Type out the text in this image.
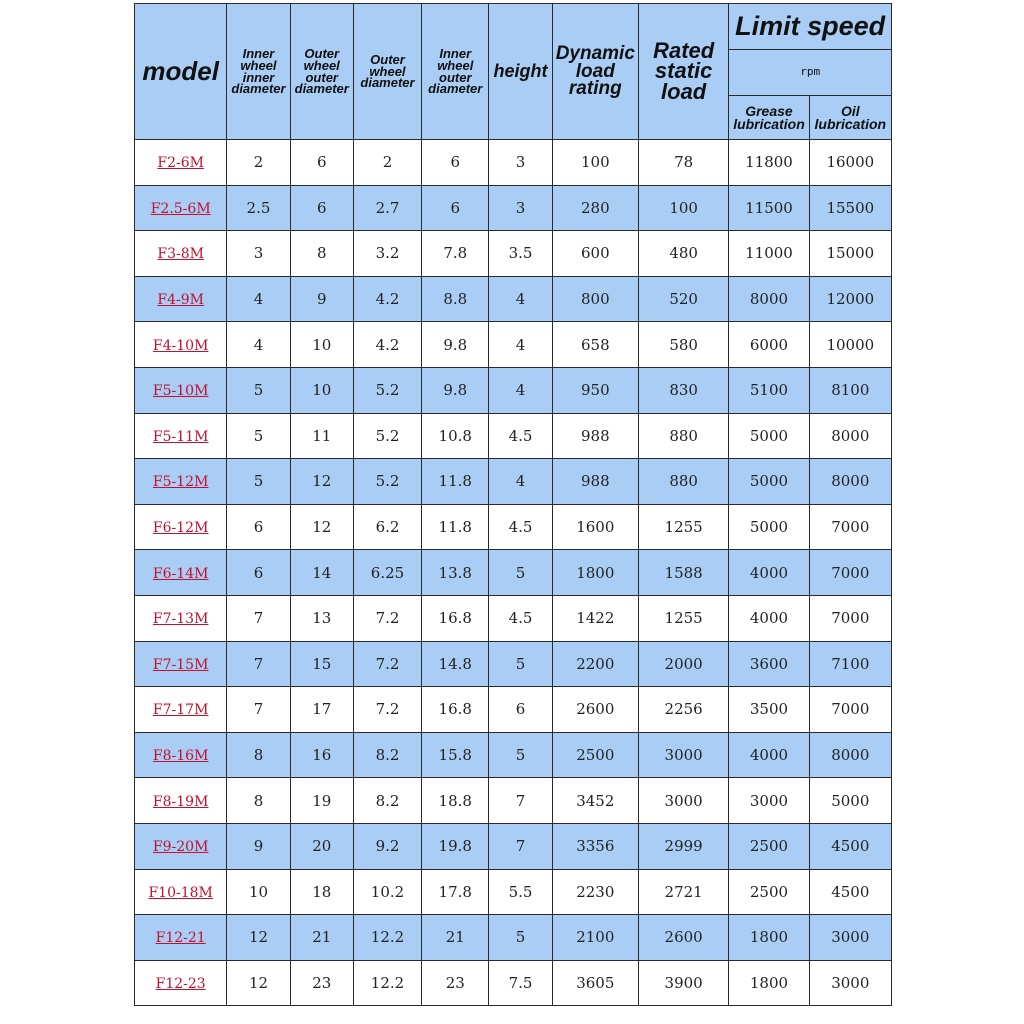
model	Inner wheel inner diameter	Outer wheel outer diameter	Outer wheel diameter	Inner wheel outer diameter	height	Dynamic load rating	Rated static load	Limit speed	
								rpm	
								Grease lubrication	Oil lubrication
F2-6M	2	6	2	6	3	100	78	11800	16000
F2.5-6M	2.5	6	2.7	6	3	280	100	11500	15500
F3-8M	3	8	3.2	7.8	3.5	600	480	11000	15000
F4-9M	4	9	4.2	8.8	4	800	520	8000	12000
F4-10M	4	10	4.2	9.8	4	658	580	6000	10000
F5-10M	5	10	5.2	9.8	4	950	830	5100	8100
F5-11M	5	11	5.2	10.8	4.5	988	880	5000	8000
F5-12M	5	12	5.2	11.8	4	988	880	5000	8000
F6-12M	6	12	6.2	11.8	4.5	1600	1255	5000	7000
F6-14M	6	14	6.25	13.8	5	1800	1588	4000	7000
F7-13M	7	13	7.2	16.8	4.5	1422	1255	4000	7000
F7-15M	7	15	7.2	14.8	5	2200	2000	3600	7100
F7-17M	7	17	7.2	16.8	6	2600	2256	3500	7000
F8-16M	8	16	8.2	15.8	5	2500	3000	4000	8000
F8-19M	8	19	8.2	18.8	7	3452	3000	3000	5000
F9-20M	9	20	9.2	19.8	7	3356	2999	2500	4500
F10-18M	10	18	10.2	17.8	5.5	2230	2721	2500	4500
F12-21	12	21	12.2	21	5	2100	2600	1800	3000
F12-23	12	23	12.2	23	7.5	3605	3900	1800	3000
